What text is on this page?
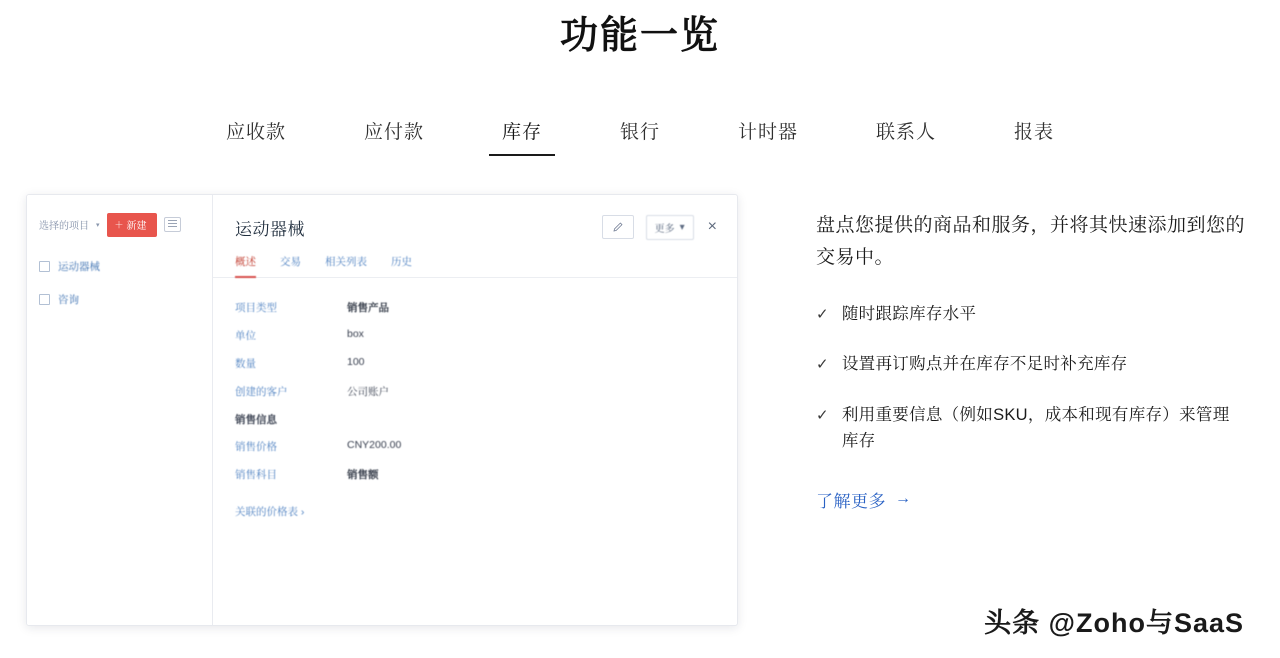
功能一览
应收款	应付款	库存	银行	计时器	联系人	报表
选择的项目 ▾ ＋ 新建
运动器械
咨询
运动器械	更多 ▾ ×
概述 交易 相关列表 历史
项目类型	销售产品
单位	box
数量	100
创建的客户	公司账户
销售信息
销售价格	CNY200.00
销售科目	销售额
关联的价格表 ›
盘点您提供的商品和服务，并将其快速添加到您的交易中。
✓ 随时跟踪库存水平
✓ 设置再订购点并在库存不足时补充库存
✓ 利用重要信息（例如SKU，成本和现有库存）来管理库存
了解更多 →
头条 @Zoho与SaaS
